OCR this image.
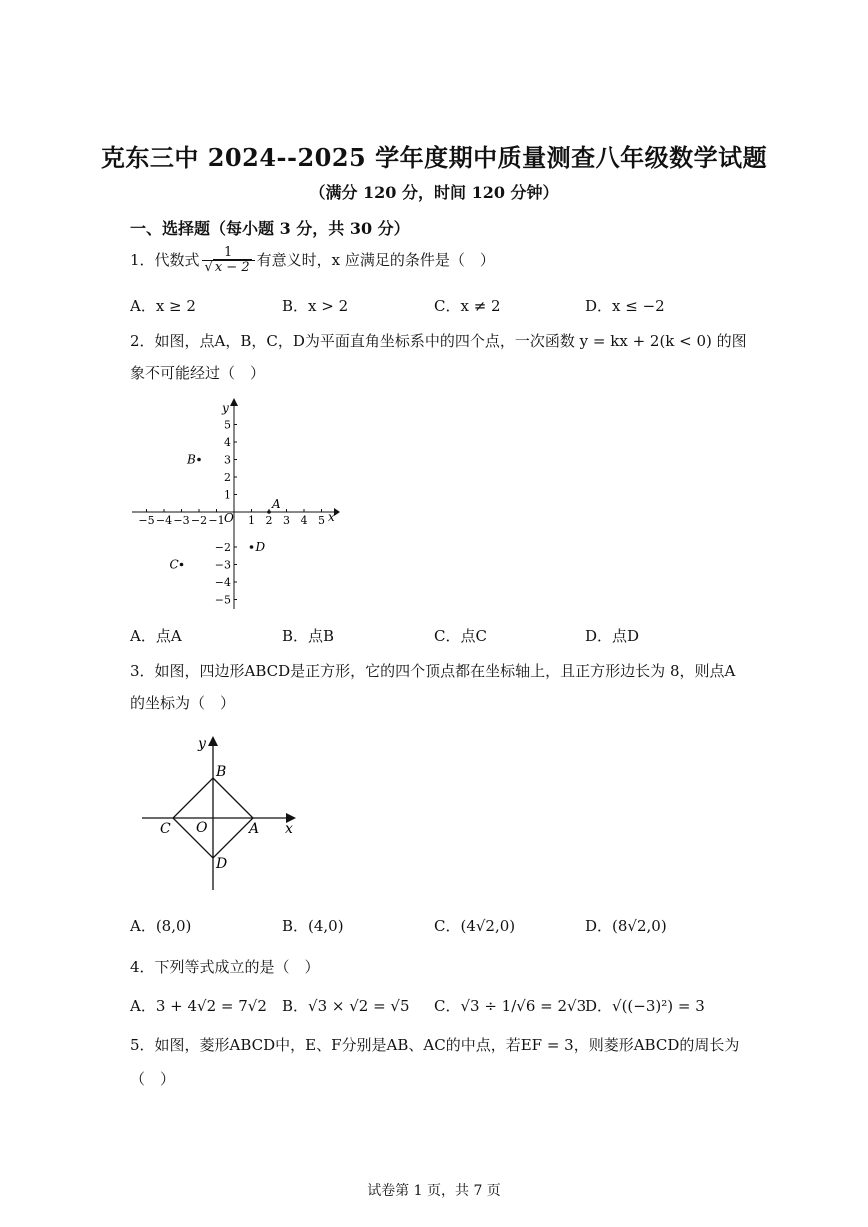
克东三中 2024--2025 学年度期中质量测查八年级数学试题
（满分 120 分，时间 120 分钟）
一、选择题（每小题 3 分，共 30 分）
1．代数式 $\frac{1}{√ x - 2}$ 有意义时，x 应满足的条件是（　）
A．x ≥ 2	B．x > 2	C．x ≠ 2	D．x ≤ −2
2．如图，点A，B，C，D为平面直角坐标系中的四个点，一次函数 y = kx + 2(k < 0) 的图
象不可能经过（　）
x
y
O
−5 −4 −3 −2 −1 1 2 3 4 5
5
4
3
2
1
−2
−3
−4
−5
A
B
C
D
A．点A	B．点B	C．点C	D．点D
3．如图，四边形ABCD是正方形，它的四个顶点都在坐标轴上，且正方形边长为 8，则点A
的坐标为（　）
x
y
B
C O	A
D
A．(8,0)	B．(4,0)	C．(4√2,0)	D．(8√2,0)
4．下列等式成立的是（　）
A．3 + 4√2 = 7√2 B．√3 × √2 = √5 C．√3 ÷ 1/√6 = 2√3
D．√((−3)²) = 3
5．如图，菱形ABCD中，E、F分别是AB、AC的中点，若EF = 3，则菱形ABCD的周长为
（　）
试卷第 1 页，共 7 页
